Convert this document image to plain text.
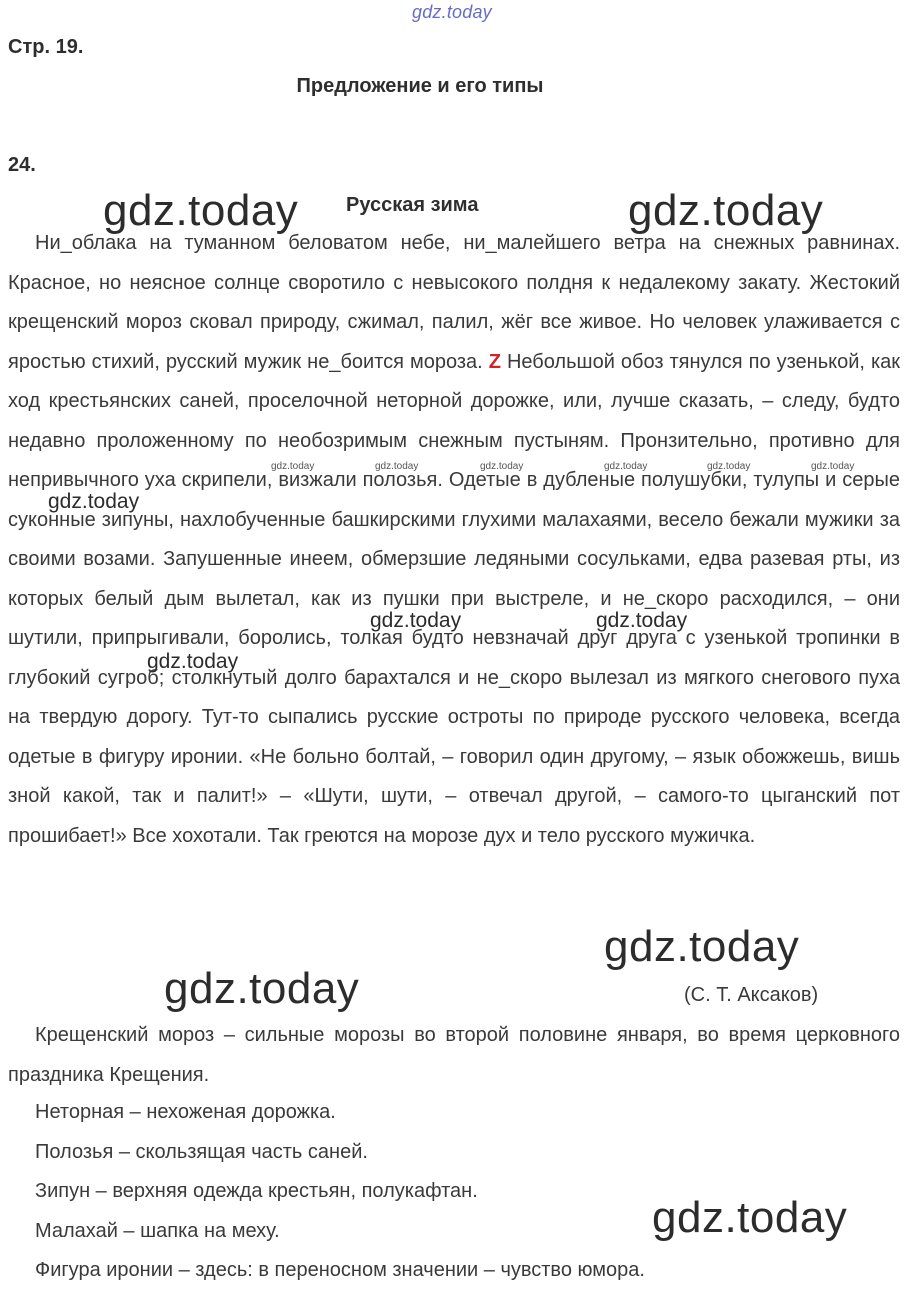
gdz.today
Стр. 19.
Предложение и его типы
24.
Русская зима

Ни_облака на туманном беловатом небе, ни_малейшего ветра на снежных равнинах. Красное, но неясное солнце своротило с невысокого полдня к недалекому закату. Жестокий крещенский мороз сковал природу, сжимал, палил, жёг все живое. Но человек улаживается с яростью стихий, русский мужик не_боится мороза. Z Небольшой обоз тянулся по узенькой, как ход крестьянских саней, проселочной неторной дорожке, или, лучше сказать, – следу, будто недавно проложенному по необозримым снежным пустыням. Пронзительно, противно для непривычного уха скрипели, визжали полозья. Одетые в дубленые полушубки, тулупы и серые суконные зипуны, нахлобученные башкирскими глухими малахаями, весело бежали мужики за своими возами. Запушенные инеем, обмерзшие ледяными сосульками, едва разевая рты, из которых белый дым вылетал, как из пушки при выстреле, и не_скоро расходился, – они шутили, припрыгивали, боролись, толкая будто невзначай друг друга с узенькой тропинки в глубокий сугроб; столкнутый долго барахтался и не_скоро вылезал из мягкого снегового пуха на твердую дорогу. Тут-то сыпались русские остроты по природе русского человека, всегда одетые в фигуру иронии. «Не больно болтай, – говорил один другому, – язык обожжешь, вишь зной какой, так и палит!» – «Шути, шути, – отвечал другой, – самого-то цыганский пот прошибает!» Все хохотали. Так греются на морозе дух и тело русского мужичка.

(С. Т. Аксаков)

Крещенский мороз – сильные морозы во второй половине января, во время церковного праздника Крещения.

Неторная – нехоженая дорожка.
Полозья – скользящая часть саней.
Зипун – верхняя одежда крестьян, полукафтан.
Малахай – шапка на меху.
Фигура иронии – здесь: в переносном значении – чувство юмора.
gdz.today	gdz.today
gdz.today
gdz.today
gdz.today
gdz.today
gdz.today	gdz.today
gdz.today
gdz.today	gdz.today	gdz.today	gdz.today	gdz.today	gdz.today
